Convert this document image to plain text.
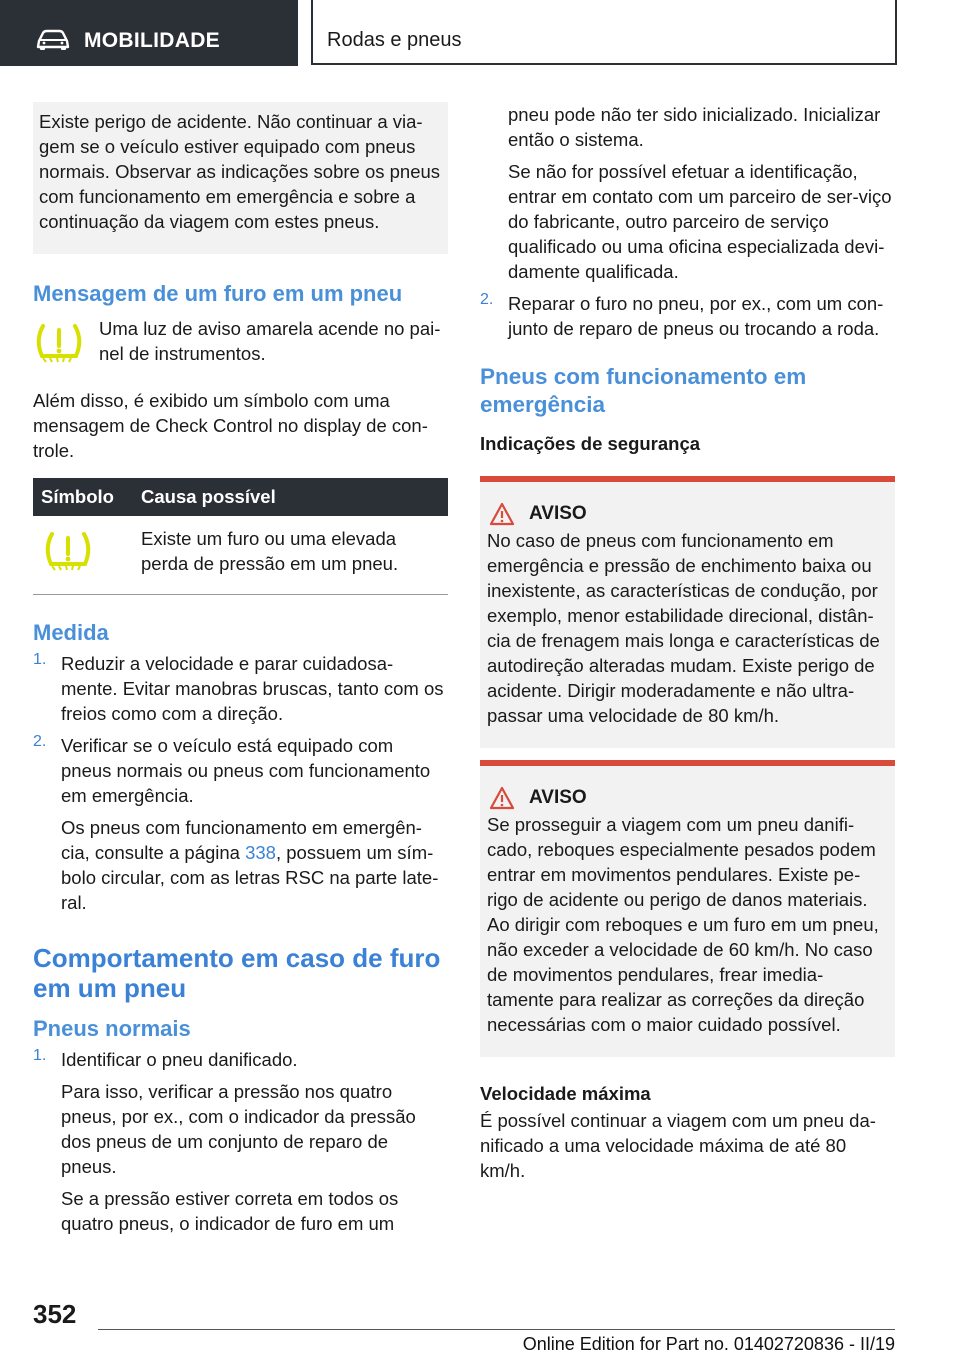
MOBILIDADE	Rodas e pneus

Existe perigo de acidente. Não continuar a via-gem se o veículo estiver equipado com pneus normais. Observar as indicações sobre os pneus com funcionamento em emergência e sobre a continuação da viagem com estes pneus.

Mensagem de um furo em um pneu

Uma luz de aviso amarela acende no pai-nel de instrumentos.

Além disso, é exibido um símbolo com uma mensagem de Check Control no display de con-trole.

Símbolo	Causa possível
	Existe um furo ou uma elevada perda de pressão em um pneu.
Medida
1. Reduzir a velocidade e parar cuidadosa-mente. Evitar manobras bruscas, tanto com os freios como com a direção.

2. Verificar se o veículo está equipado com pneus normais ou pneus com funcionamento em emergência.

Os pneus com funcionamento em emergên-cia, consulte a página 338, possuem um sím-bolo circular, com as letras RSC na parte late-ral.

Comportamento em caso de furo em um pneu
Pneus normais
1. Identificar o pneu danificado.

Para isso, verificar a pressão nos quatro pneus, por ex., com o indicador da pressão dos pneus de um conjunto de reparo de pneus.

Se a pressão estiver correta em todos os quatro pneus, o indicador de furo em um

pneu pode não ter sido inicializado. Inicializar então o sistema.

Se não for possível efetuar a identificação, entrar em contato com um parceiro de ser-viço do fabricante, outro parceiro de serviço qualificado ou uma oficina especializada devi-damente qualificada.

2. Reparar o furo no pneu, por ex., com um con-junto de reparo de pneus ou trocando a roda.

Pneus com funcionamento em emergência
Indicações de segurança
AVISO

No caso de pneus com funcionamento em emergência e pressão de enchimento baixa ou inexistente, as características de condução, por exemplo, menor estabilidade direcional, distân-cia de frenagem mais longa e características de autodireção alteradas mudam. Existe perigo de acidente. Dirigir moderadamente e não ultra-passar uma velocidade de 80 km/h.

AVISO

Se prosseguir a viagem com um pneu danifi-cado, reboques especialmente pesados podem entrar em movimentos pendulares. Existe pe-rigo de acidente ou perigo de danos materiais. Ao dirigir com reboques e um furo em um pneu, não exceder a velocidade de 60 km/h. No caso de movimentos pendulares, frear imedia-tamente para realizar as correções da direção necessárias com o maior cuidado possível.

Velocidade máxima

É possível continuar a viagem com um pneu da-nificado a uma velocidade máxima de até 80 km/h.

352
Online Edition for Part no. 01402720836 - II/19
